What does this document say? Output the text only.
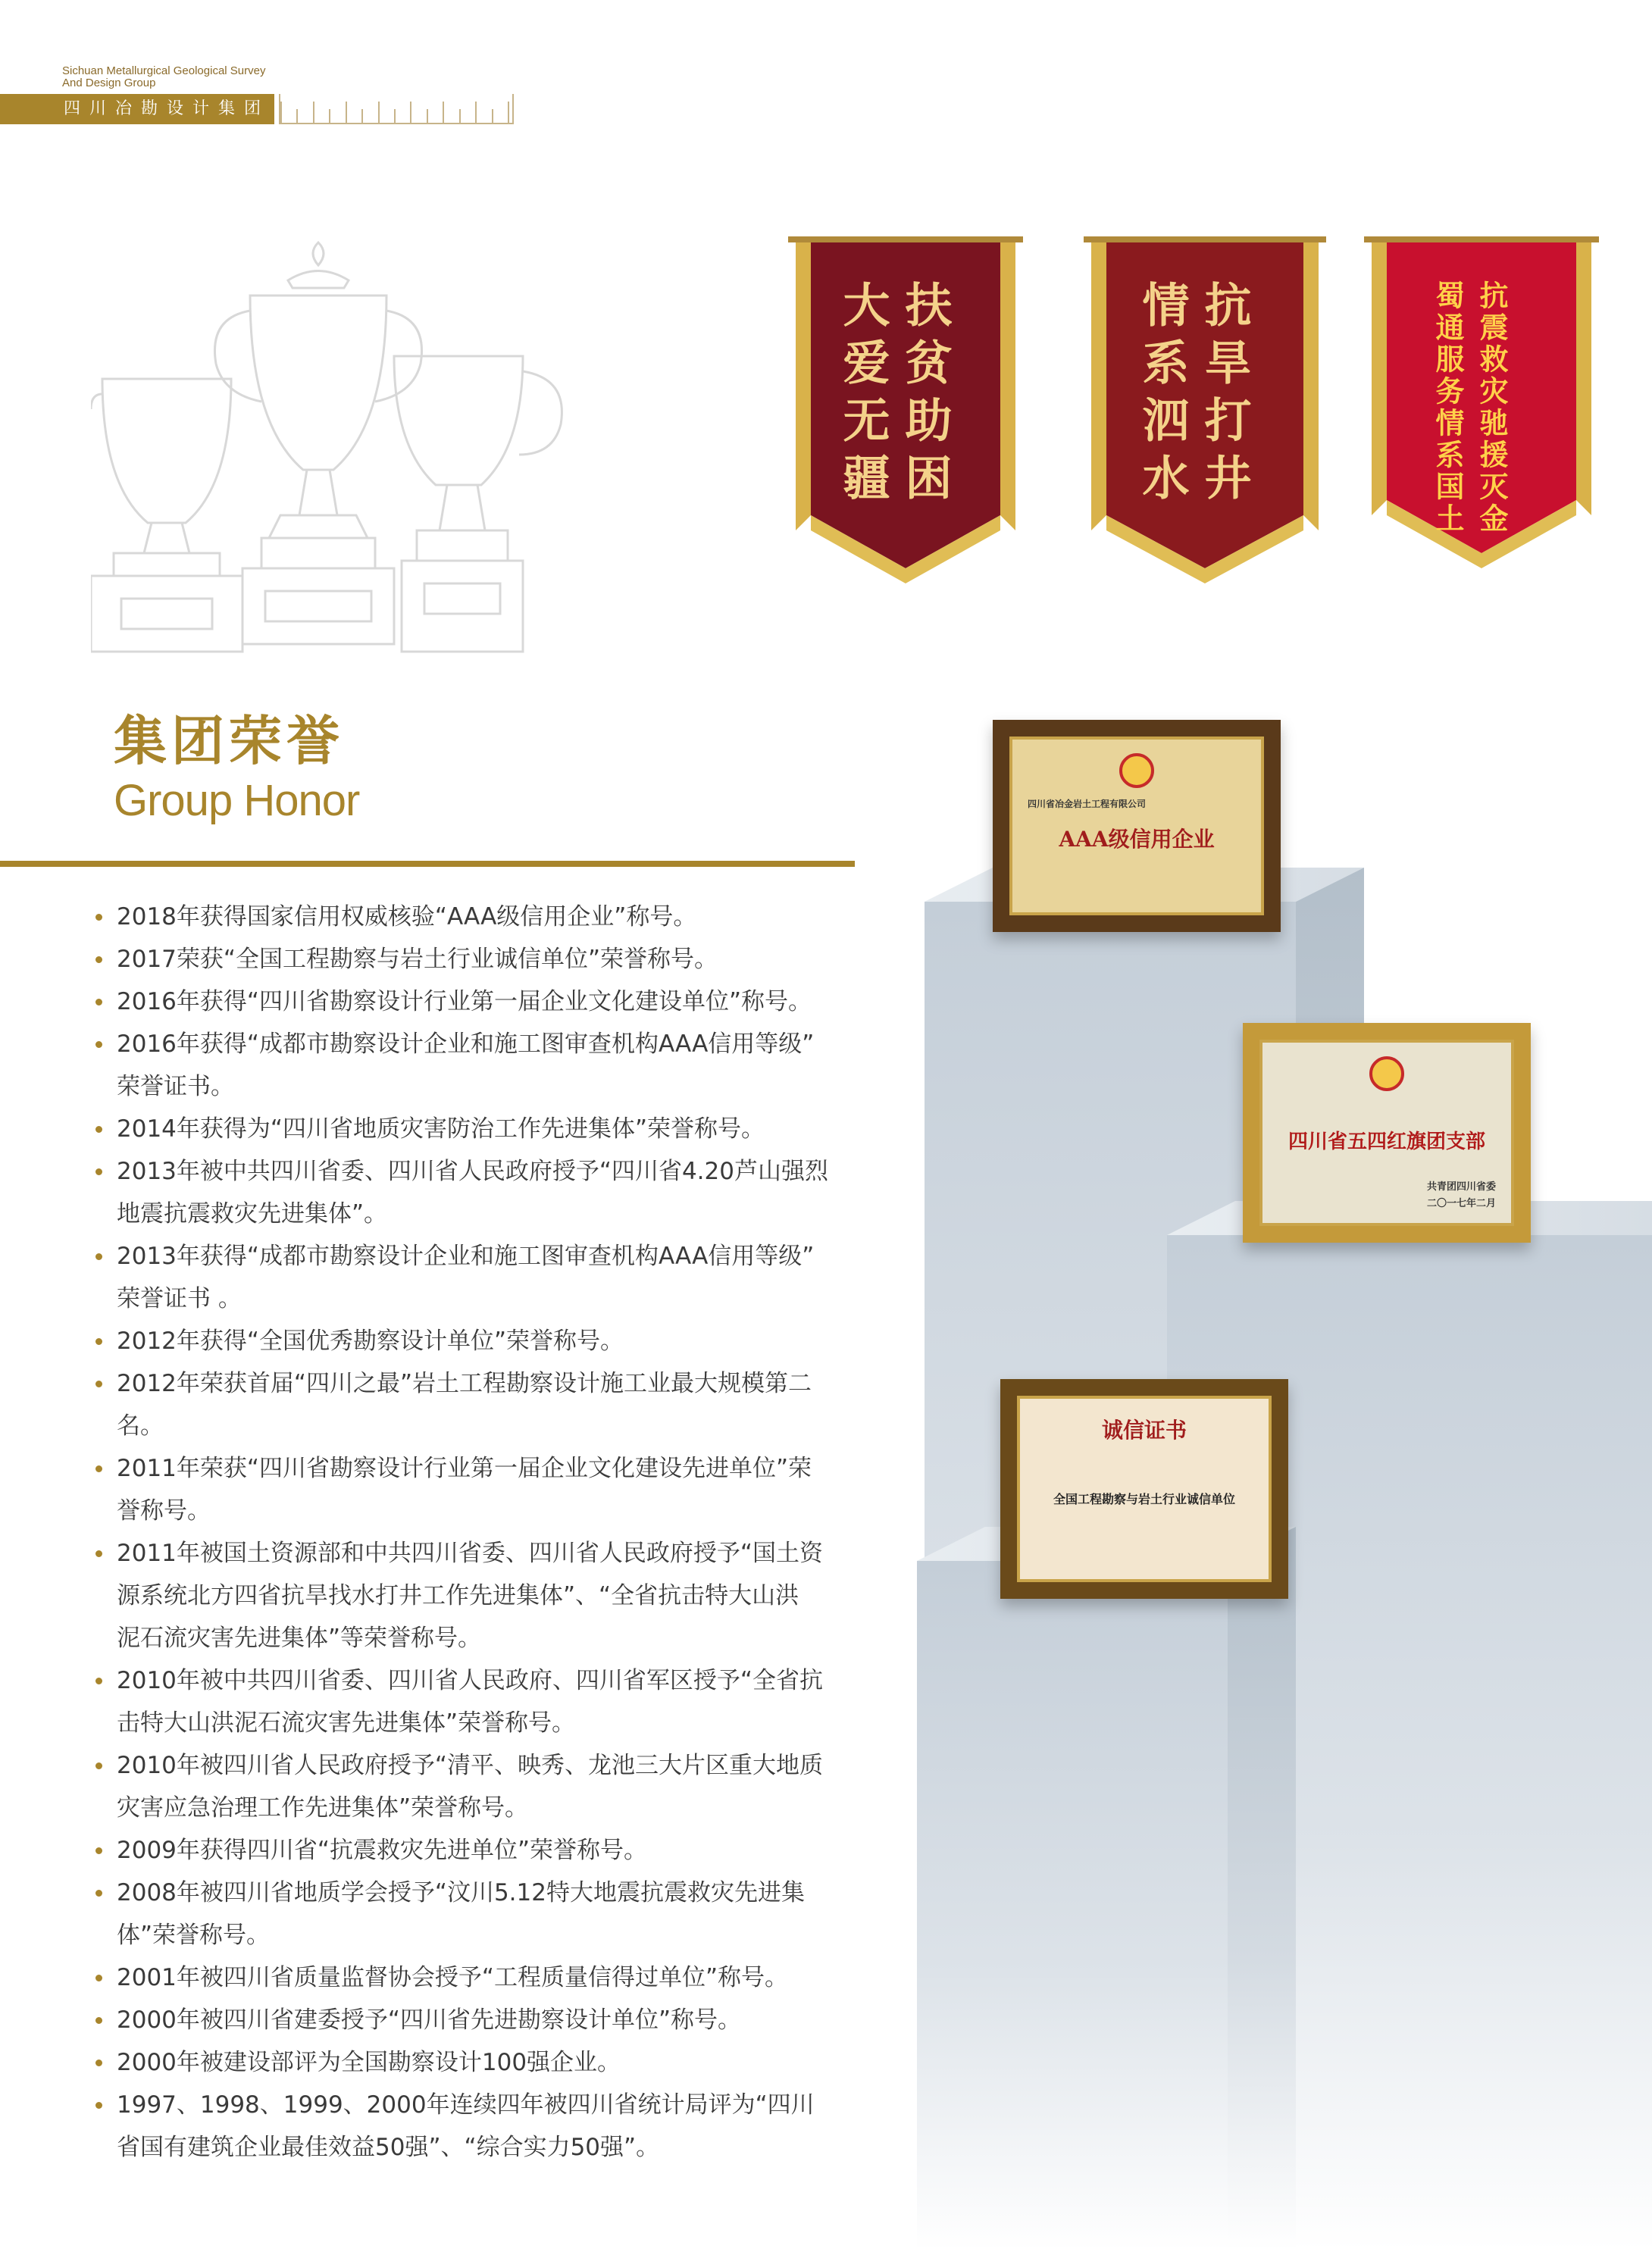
Sichuan Metallurgical Geological Survey
And Design Group
四川冶勘设计集团
扶贫助困
大爱无疆	抗旱打井
情系泗水	抗震救灾驰援灭金
蜀通服务情系国土
集团荣誉
Group Honor
2018年获得国家信用权威核验“AAA级信用企业”称号。
2017荣获“全国工程勘察与岩土行业诚信单位”荣誉称号。
2016年获得“四川省勘察设计行业第一届企业文化建设单位”称号。
2016年获得“成都市勘察设计企业和施工图审查机构AAA信用等级”
荣誉证书。
2014年获得为“四川省地质灾害防治工作先进集体”荣誉称号。
2013年被中共四川省委、四川省人民政府授予“四川省4.20芦山强烈
地震抗震救灾先进集体”。
2013年获得“成都市勘察设计企业和施工图审查机构AAA信用等级”
荣誉证书 。
2012年获得“全国优秀勘察设计单位”荣誉称号。
2012年荣获首届“四川之最”岩土工程勘察设计施工业最大规模第二
名。
2011年荣获“四川省勘察设计行业第一届企业文化建设先进单位”荣
誉称号。
2011年被国土资源部和中共四川省委、四川省人民政府授予“国土资
源系统北方四省抗旱找水打井工作先进集体”、“全省抗击特大山洪
泥石流灾害先进集体”等荣誉称号。
2010年被中共四川省委、四川省人民政府、四川省军区授予“全省抗
击特大山洪泥石流灾害先进集体”荣誉称号。
2010年被四川省人民政府授予“清平、映秀、龙池三大片区重大地质
灾害应急治理工作先进集体”荣誉称号。
2009年获得四川省“抗震救灾先进单位”荣誉称号。
2008年被四川省地质学会授予“汶川5.12特大地震抗震救灾先进集
体”荣誉称号。
2001年被四川省质量监督协会授予“工程质量信得过单位”称号。
2000年被四川省建委授予“四川省先进勘察设计单位”称号。
2000年被建设部评为全国勘察设计100强企业。
1997、1998、1999、2000年连续四年被四川省统计局评为“四川
省国有建筑企业最佳效益50强”、“综合实力50强”。
AAA级信用企业
四川省冶金岩土工程有限公司
四川省五四红旗团支部
共青团四川省委
二〇一七年二月
诚信证书
全国工程勘察与岩土行业诚信单位
